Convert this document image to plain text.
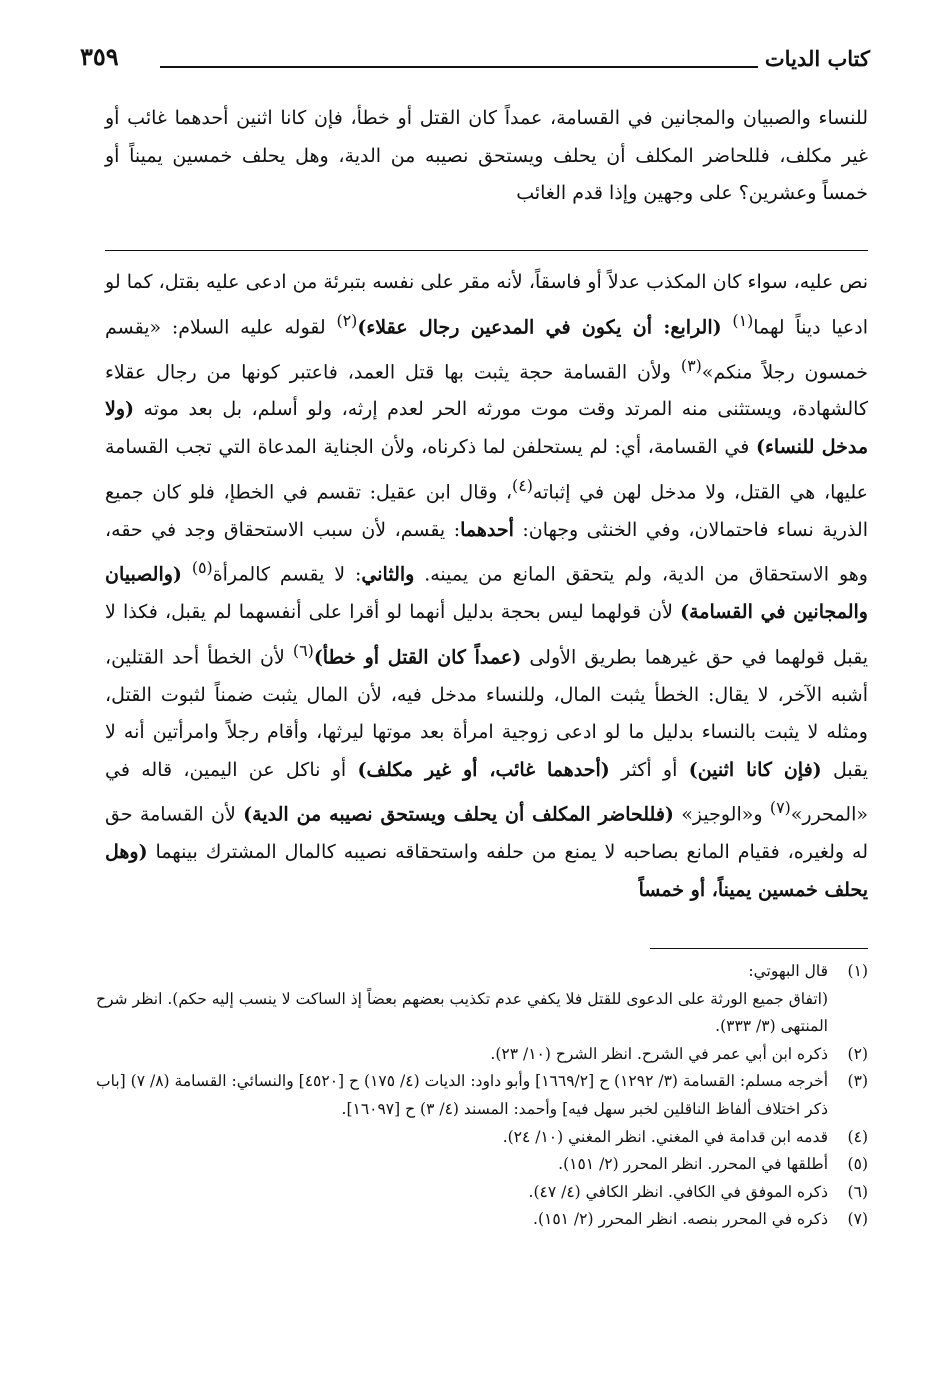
كتاب الديات
٣٥٩

للنساء والصبيان والمجانين في القسامة، عمداً كان القتل أو خطأ، فإن كانا اثنين أحدهما غائب أو غير مكلف، فللحاضر المكلف أن يحلف ويستحق نصيبه من الدية، وهل يحلف خمسين يميناً أو خمساً وعشرين؟ على وجهين وإذا قدم الغائب

نص عليه، سواء كان المكذب عدلاً أو فاسقاً، لأنه مقر على نفسه بتبرئة من ادعى عليه بقتل، كما لو ادعيا ديناً لهما$^{(١)}$ (الرابع: أن يكون في المدعين رجال عقلاء)$^{(٢)}$ لقوله عليه السلام: «يقسم خمسون رجلاً منكم»$^{(٣)}$ ولأن القسامة حجة يثبت بها قتل العمد، فاعتبر كونها من رجال عقلاء كالشهادة، ويستثنى منه المرتد وقت موت مورثه الحر لعدم إرثه، ولو أسلم، بل بعد موته (ولا مدخل للنساء) في القسامة، أي: لم يستحلفن لما ذكرناه، ولأن الجناية المدعاة التي تجب القسامة عليها، هي القتل، ولا مدخل لهن في إثباته$^{(٤)}$، وقال ابن عقيل: تقسم في الخطإ، فلو كان جميع الذرية نساء فاحتمالان، وفي الخنثى وجهان: أحدهما: يقسم، لأن سبب الاستحقاق وجد في حقه، وهو الاستحقاق من الدية، ولم يتحقق المانع من يمينه. والثاني: لا يقسم كالمرأة$^{(٥)}$ (والصبيان والمجانين في القسامة) لأن قولهما ليس بحجة بدليل أنهما لو أقرا على أنفسهما لم يقبل، فكذا لا يقبل قولهما في حق غيرهما بطريق الأولى (عمداً كان القتل أو خطأ)$^{(٦)}$ لأن الخطأ أحد القتلين، أشبه الآخر، لا يقال: الخطأ يثبت المال، وللنساء مدخل فيه، لأن المال يثبت ضمناً لثبوت القتل، ومثله لا يثبت بالنساء بدليل ما لو ادعى زوجية امرأة بعد موتها ليرثها، وأقام رجلاً وامرأتين أنه لا يقبل (فإن كانا اثنين) أو أكثر (أحدهما غائب، أو غير مكلف) أو ناكل عن اليمين، قاله في «المحرر»$^{(٧)}$ و«الوجيز» (فللحاضر المكلف أن يحلف ويستحق نصيبه من الدية) لأن القسامة حق له ولغيره، فقيام المانع بصاحبه لا يمنع من حلفه واستحقاقه نصيبه كالمال المشترك بينهما (وهل يحلف خمسين يميناً، أو خمساً

(١)

قال البهوتي:

(اتفاق جميع الورثة على الدعوى للقتل فلا يكفي عدم تكذيب بعضهم بعضاً إذ الساكت لا ينسب إليه حكم). انظر شرح المنتهى (٣/ ٣٣٣).

(٢)

ذكره ابن أبي عمر في الشرح. انظر الشرح (١٠/ ٢٣).

(٣)

أخرجه مسلم: القسامة (٣/ ١٢٩٢) ح [١٦٦٩/٢] وأبو داود: الديات (٤/ ١٧٥) ح [٤٥٢٠] والنسائي: القسامة (٨/ ٧) [باب ذكر اختلاف ألفاظ الناقلين لخبر سهل فيه] وأحمد: المسند (٤/ ٣) ح [١٦٠٩٧].

(٤)

قدمه ابن قدامة في المغني. انظر المغني (١٠/ ٢٤).

(٥)

أطلقها في المحرر. انظر المحرر (٢/ ١٥١).

(٦)

ذكره الموفق في الكافي. انظر الكافي (٤/ ٤٧).

(٧)

ذكره في المحرر بنصه. انظر المحرر (٢/ ١٥١).
